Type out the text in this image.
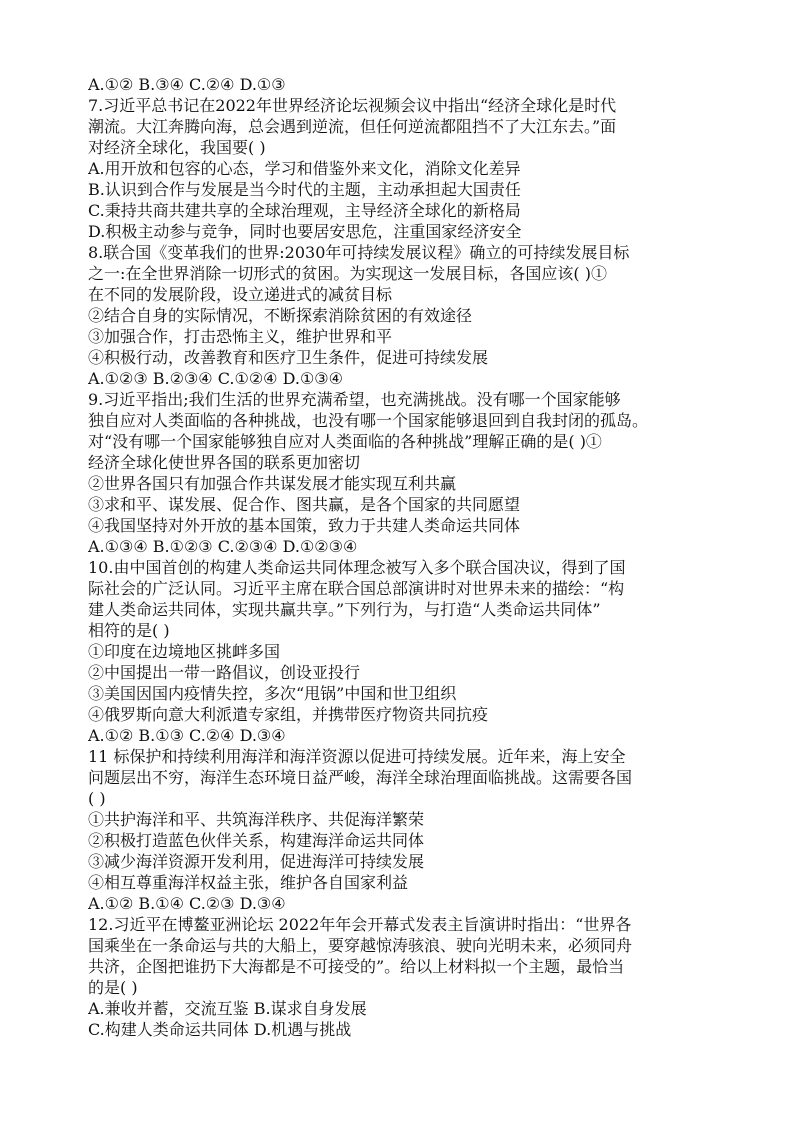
A.①② B.③④ C.②④ D.①③
7.习近平总书记在2022年世界经济论坛视频会议中指出“经济全球化是时代
潮流。大江奔腾向海，总会遇到逆流，但任何逆流都阻挡不了大江东去。”面
对经济全球化，我国要( )
A.用开放和包容的心态，学习和借鉴外来文化，消除文化差异
B.认识到合作与发展是当今时代的主题，主动承担起大国责任
C.秉持共商共建共享的全球治理观，主导经济全球化的新格局
D.积极主动参与竞争，同时也要居安思危，注重国家经济安全
8.联合国《变革我们的世界:2030年可持续发展议程》确立的可持续发展目标
之一:在全世界消除一切形式的贫困。为实现这一发展目标，各国应该( )①
在不同的发展阶段，设立递进式的减贫目标
②结合自身的实际情况，不断探索消除贫困的有效途径
③加强合作，打击恐怖主义，维护世界和平
④积极行动，改善教育和医疗卫生条件，促进可持续发展
A.①②③ B.②③④ C.①②④ D.①③④
9.习近平指出;我们生活的世界充满希望，也充满挑战。没有哪一个国家能够
独自应对人类面临的各种挑战，也没有哪一个国家能够退回到自我封闭的孤岛。
对“没有哪一个国家能够独自应对人类面临的各种挑战”理解正确的是( )①
经济全球化使世界各国的联系更加密切
②世界各国只有加强合作共谋发展才能实现互利共赢
③求和平、谋发展、促合作、图共赢，是各个国家的共同愿望
④我国坚持对外开放的基本国策，致力于共建人类命运共同体
A.①③④ B.①②③ C.②③④ D.①②③④
10.由中国首创的构建人类命运共同体理念被写入多个联合国决议，得到了国
际社会的广泛认同。习近平主席在联合国总部演讲时对世界未来的描绘：“构
建人类命运共同体，实现共赢共享。”下列行为，与打造“人类命运共同体”
相符的是( )
①印度在边境地区挑衅多国
②中国提出一带一路倡议，创设亚投行
③美国因国内疫情失控，多次“甩锅”中国和世卫组织
④俄罗斯向意大利派遣专家组，并携带医疗物资共同抗疫
A.①② B.①③ C.②④ D.③④
11 标保护和持续利用海洋和海洋资源以促进可持续发展。近年来，海上安全
问题层出不穷，海洋生态环境日益严峻，海洋全球治理面临挑战。这需要各国
( )
①共护海洋和平、共筑海洋秩序、共促海洋繁荣
②积极打造蓝色伙伴关系，构建海洋命运共同体
③减少海洋资源开发利用，促进海洋可持续发展
④相互尊重海洋权益主张，维护各自国家利益
A.①② B.①④ C.②③ D.③④
12.习近平在博鳌亚洲论坛 2022年年会开幕式发表主旨演讲时指出：“世界各
国乘坐在一条命运与共的大船上，要穿越惊涛骇浪、驶向光明未来，必须同舟
共济，企图把谁扔下大海都是不可接受的”。给以上材料拟一个主题，最恰当
的是( )
A.兼收并蓄，交流互鉴 B.谋求自身发展
C.构建人类命运共同体 D.机遇与挑战
